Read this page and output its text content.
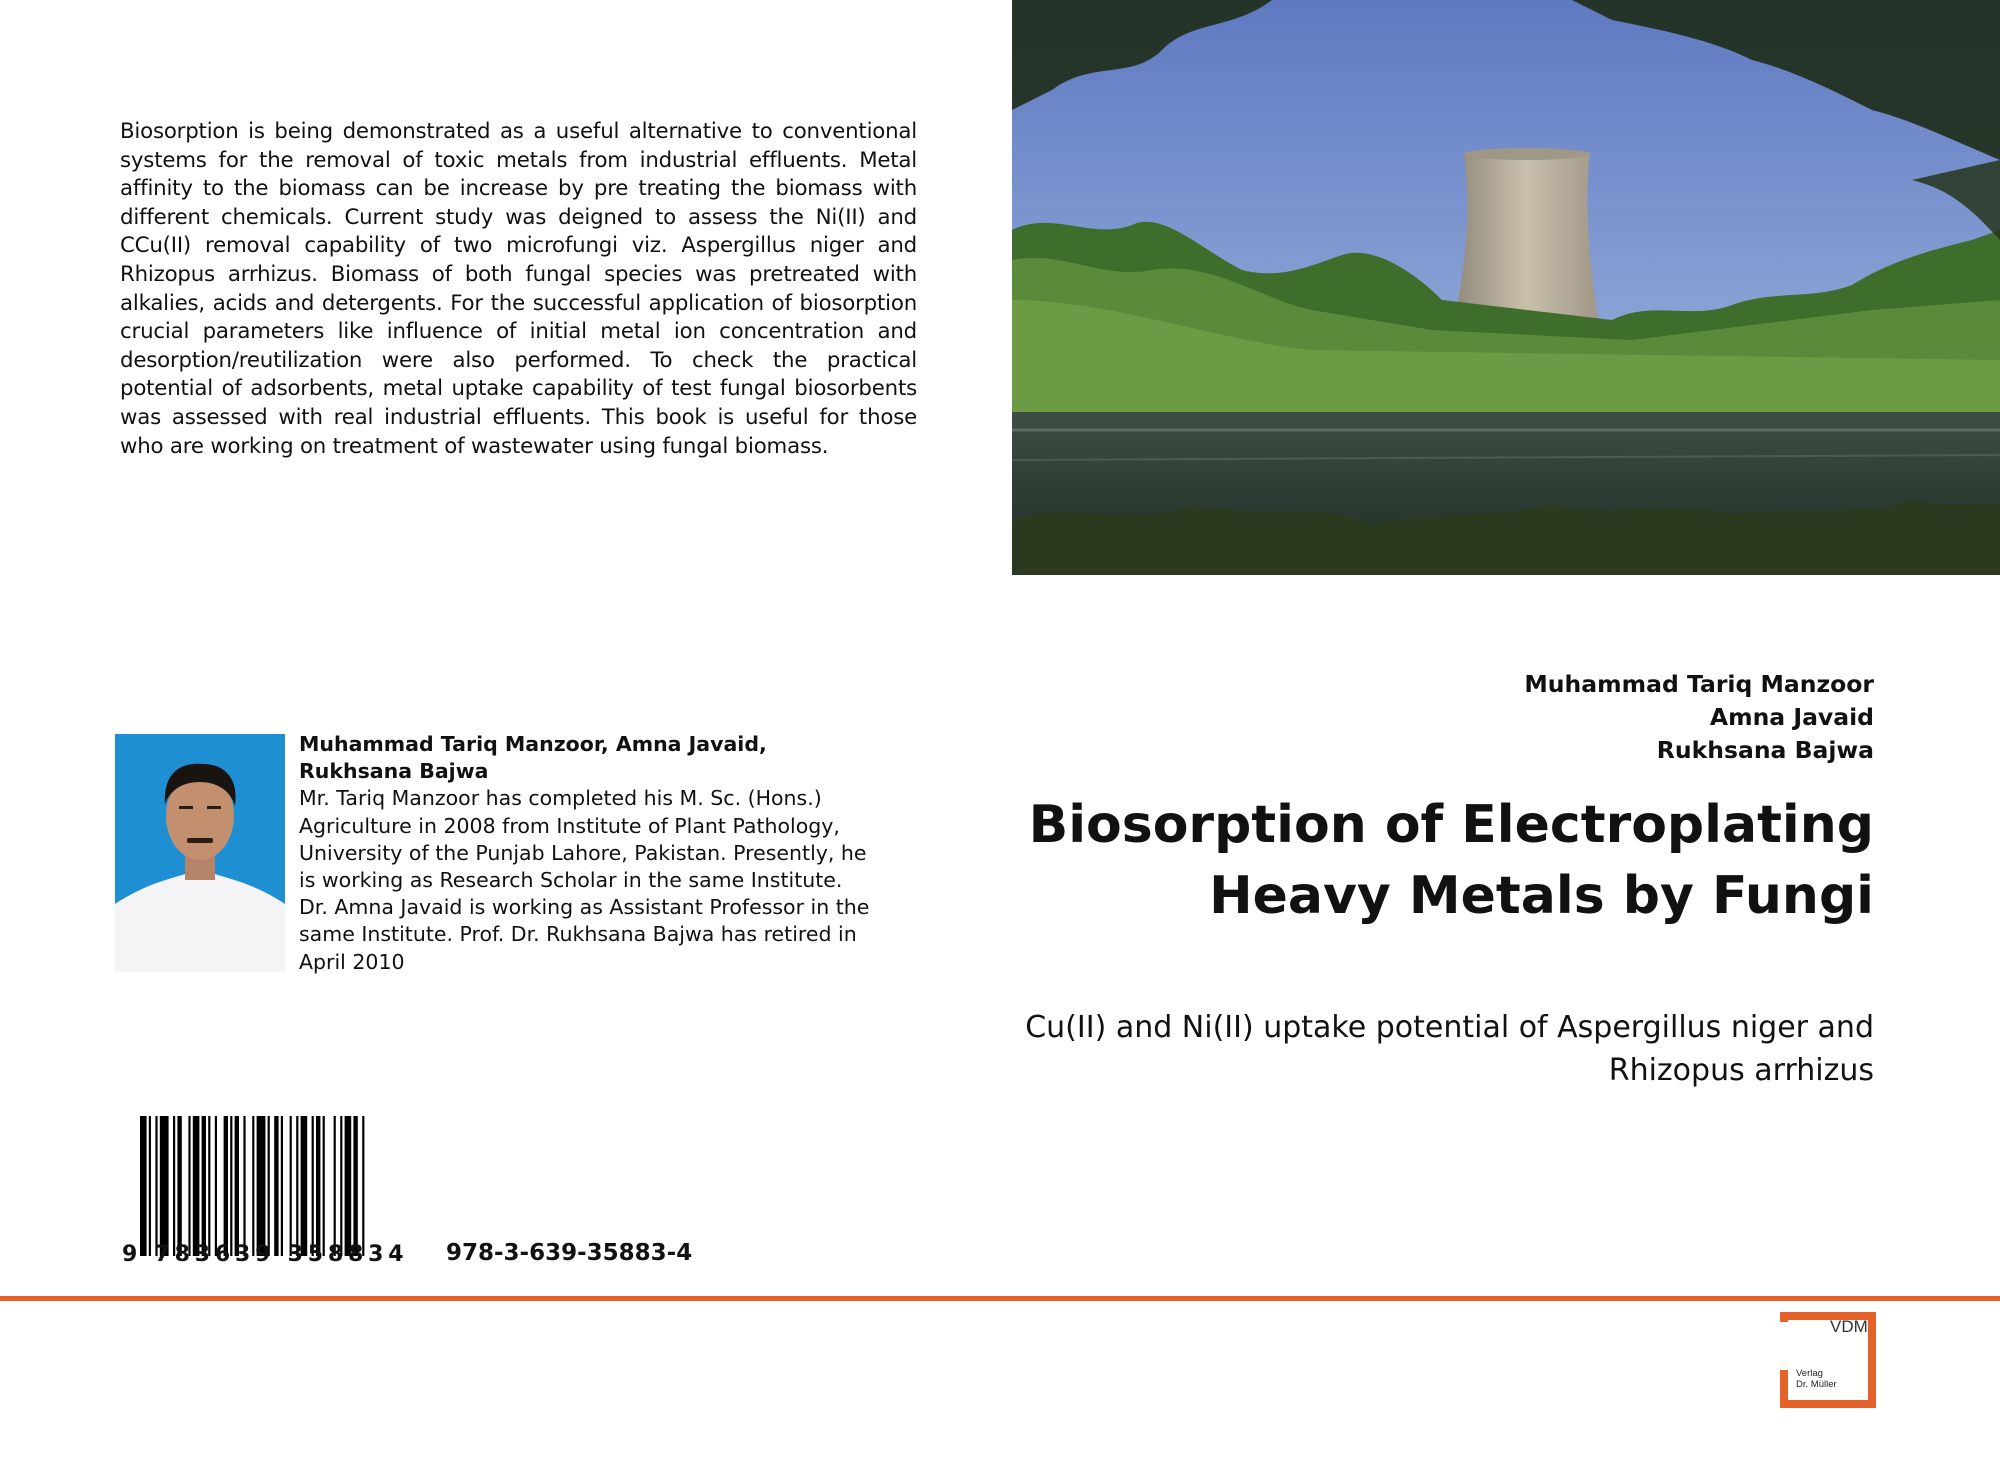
Biosorption is being demonstrated as a useful alternative to conventional systems for the removal of toxic metals from industrial effluents. Metal affinity to the biomass can be increase by pre treating the biomass with different chemicals. Current study was deigned to assess the Ni(II) and CCu(II) removal capability of two microfungi viz. Aspergillus niger and Rhizopus arrhizus. Biomass of both fungal species was pretreated with alkalies, acids and detergents. For the successful application of biosorption crucial parameters like influence of initial metal ion concentration and desorption/reutilization were also performed. To check the practical potential of adsorbents, metal uptake capability of test fungal biosorbents was assessed with real industrial effluents. This book is useful for those who are working on treatment of wastewater using fungal biomass.
Muhammad Tariq Manzoor, Amna Javaid, Rukhsana Bajwa
Mr. Tariq Manzoor has completed his M. Sc. (Hons.) Agriculture in 2008 from Institute of Plant Pathology, University of the Punjab Lahore, Pakistan. Presently, he is working as Research Scholar in the same Institute. Dr. Amna Javaid is working as Assistant Professor in the same Institute. Prof. Dr. Rukhsana Bajwa has retired in April 2010
9 783639 358834 978-3-639-35883-4
Muhammad Tariq Manzoor
Amna Javaid
Rukhsana Bajwa
Biosorption of Electroplating Heavy Metals by Fungi
Cu(II) and Ni(II) uptake potential of Aspergillus niger and Rhizopus arrhizus
VDM
Verlag
Dr. Müller
